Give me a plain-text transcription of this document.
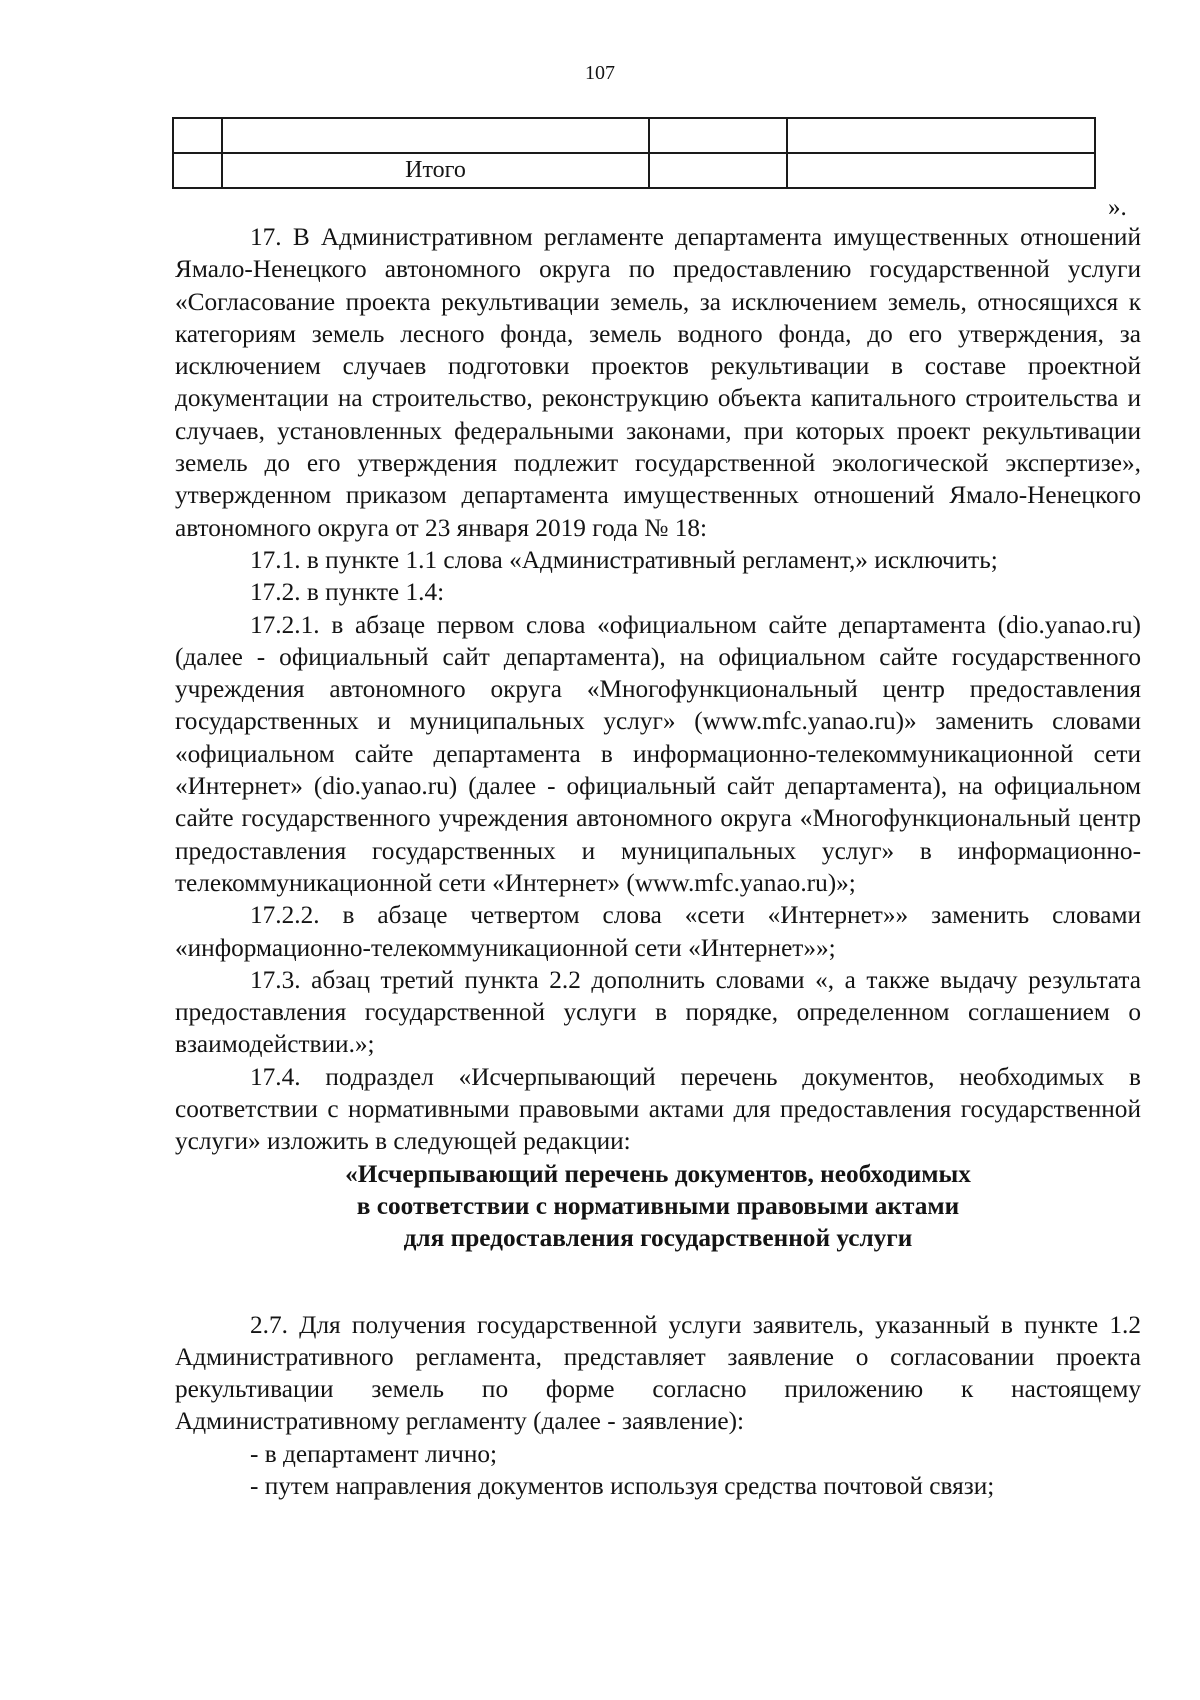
107

	Итого		
».

17. В Административном регламенте департамента имущественных отношений Ямало-Ненецкого автономного округа по предоставлению государственной услуги «Согласование проекта рекультивации земель, за исключением земель, относящихся к категориям земель лесного фонда, земель водного фонда, до его утверждения, за исключением случаев подготовки проектов рекультивации в составе проектной документации на строительство, реконструкцию объекта капитального строительства и случаев, установленных федеральными законами, при которых проект рекультивации земель до его утверждения подлежит государственной экологической экспертизе», утвержденном приказом департамента имущественных отношений Ямало-Ненецкого автономного округа от 23 января 2019 года № 18:

17.1. в пункте 1.1 слова «Административный регламент,» исключить;

17.2. в пункте 1.4:

17.2.1. в абзаце первом слова «официальном сайте департамента (dio.yanao.ru) (далее - официальный сайт департамента), на официальном сайте государственного учреждения автономного округа «Многофункциональный центр предоставления государственных и муниципальных услуг» (www.mfc.yanao.ru)» заменить словами «официальном сайте департамента в информационно-телекоммуникационной сети «Интернет» (dio.yanao.ru) (далее - официальный сайт департамента), на официальном сайте государственного учреждения автономного округа «Многофункциональный центр предоставления государственных и муниципальных услуг» в информационно-телекоммуникационной сети «Интернет» (www.mfc.yanao.ru)»;

17.2.2. в абзаце четвертом слова «сети «Интернет»» заменить словами «информационно-телекоммуникационной сети «Интернет»»;

17.3. абзац третий пункта 2.2 дополнить словами «, а также выдачу результата предоставления государственной услуги в порядке, определенном соглашением о взаимодействии.»;

17.4. подраздел «Исчерпывающий перечень документов, необходимых в соответствии с нормативными правовыми актами для предоставления государственной услуги» изложить в следующей редакции:

«Исчерпывающий перечень документов, необходимых
в соответствии с нормативными правовыми актами
для предоставления государственной услуги

2.7. Для получения государственной услуги заявитель, указанный в пункте 1.2 Административного регламента, представляет заявление о согласовании проекта рекультивации земель по форме согласно приложению к настоящему Административному регламенту (далее - заявление):

- в департамент лично;

- путем направления документов используя средства почтовой связи;
